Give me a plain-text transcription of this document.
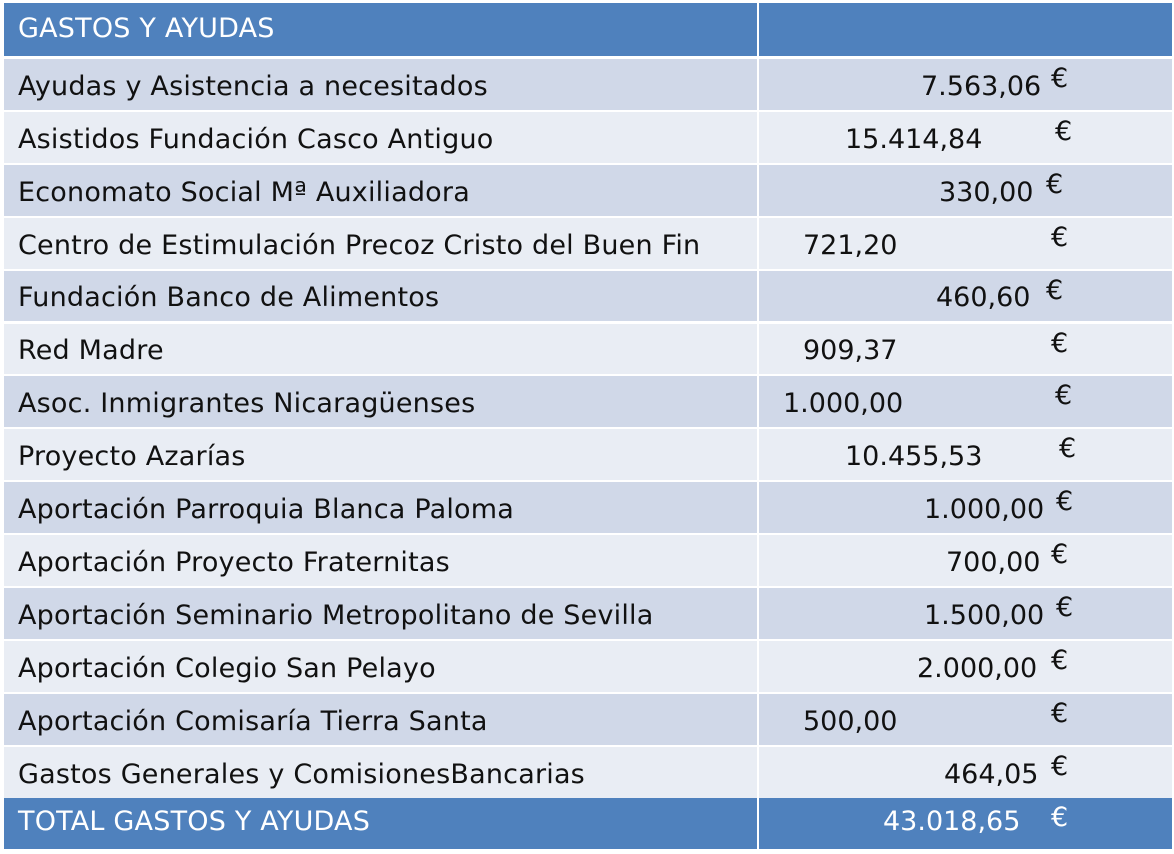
GASTOS Y AYUDAS
Ayudas y Asistencia a necesitados	7.563,06 €
Asistidos Fundación Casco Antiguo	15.414,84	€
Economato Social Mª Auxiliadora	330,00 €
Centro de Estimulación Precoz Cristo del Buen Fin	721,20	€
Fundación Banco de Alimentos	460,60 €
Red Madre	909,37	€
Asoc. Inmigrantes Nicaragüenses	1.000,00	€
Proyecto Azarías	10.455,53	€
Aportación Parroquia Blanca Paloma	1.000,00 €
Aportación Proyecto Fraternitas	700,00 €
Aportación Seminario Metropolitano de Sevilla	1.500,00 €
Aportación Colegio San Pelayo	2.000,00 €
Aportación Comisaría Tierra Santa	500,00	€
Gastos Generales y ComisionesBancarias	464,05 €
TOTAL GASTOS Y AYUDAS	43.018,65 €
